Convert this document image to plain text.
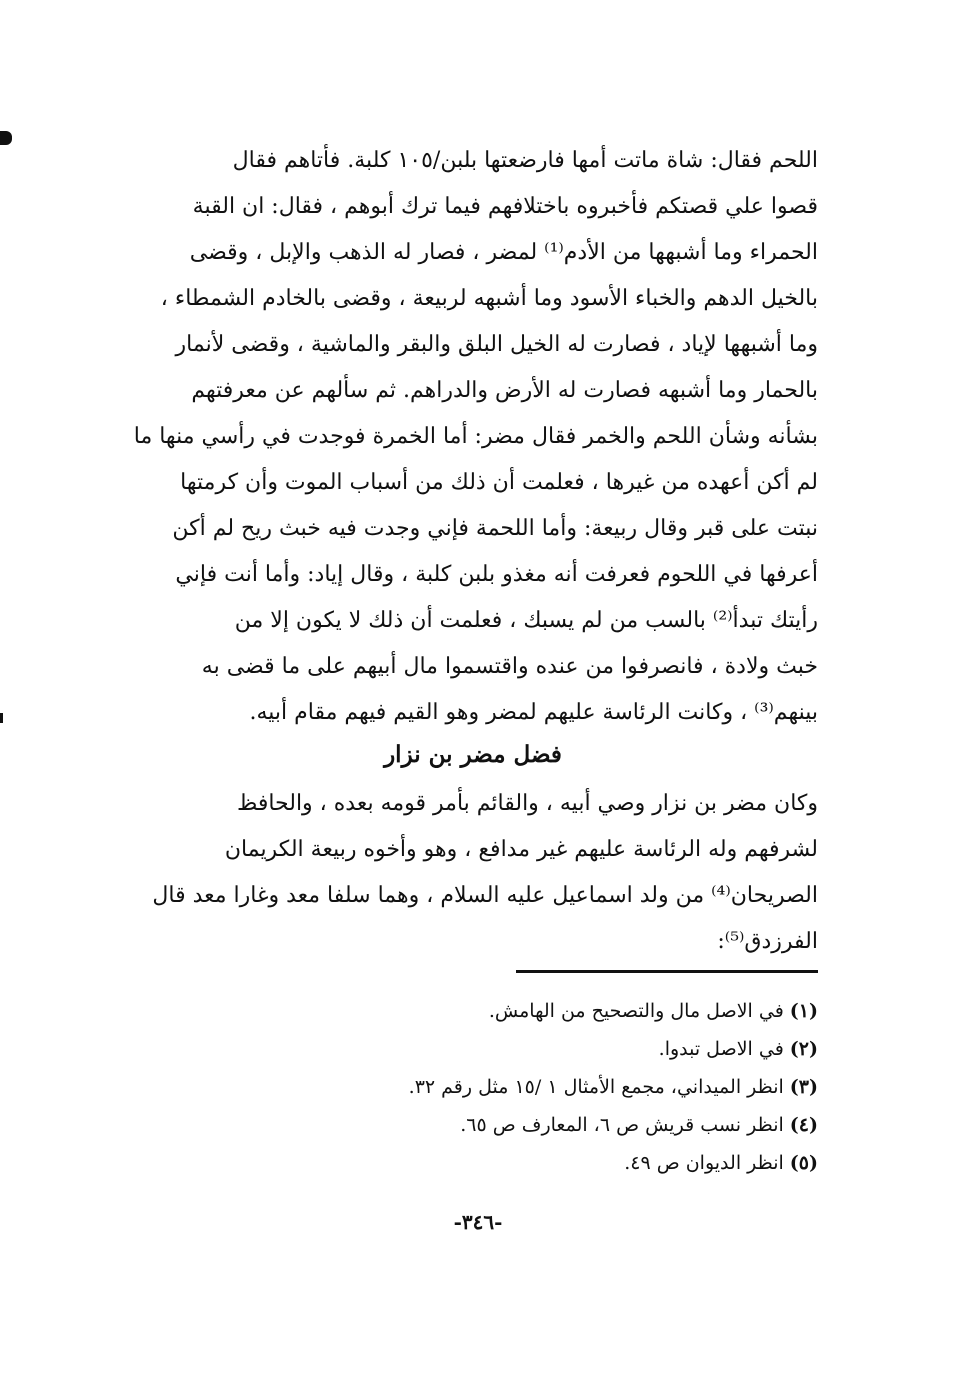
اللحم فقال: شاة ماتت أمها فارضعتها بلبن/١٠٥ كلبة. فأتاهم فقال
قصوا علي قصتكم فأخبروه باختلافهم فيما ترك أبوهم ، فقال: ان القبة
الحمراء وما أشبهها من الأدم⁽¹⁾ لمضر ، فصار له الذهب والإبل ، وقضى
بالخيل الدهم والخباء الأسود وما أشبهه لربيعة ، وقضى بالخادم الشمطاء ،
وما أشبهها لإياد ، فصارت له الخيل البلق والبقر والماشية ، وقضى لأنمار
بالحمار وما أشبهه فصارت له الأرض والدراهم. ثم سألهم عن معرفتهم
بشأنه وشأن اللحم والخمر فقال مضر: أما الخمرة فوجدت في رأسي منها ما
لم أكن أعهده من غيرها ، فعلمت أن ذلك من أسباب الموت وأن كرمتها
نبتت على قبر وقال ربيعة: وأما اللحمة فإني وجدت فيه خبث ريح لم أكن
أعرفها في اللحوم فعرفت أنه مغذو بلبن كلبة ، وقال إياد: وأما أنت فإني
رأيتك تبدأ⁽²⁾ بالسب من لم يسبك ، فعلمت أن ذلك لا يكون إلا من
خبث ولادة ، فانصرفوا من عنده واقتسموا مال أبيهم على ما قضى به
بينهم⁽³⁾ ، وكانت الرئاسة عليهم لمضر وهو القيم فيهم مقام أبيه.
فضل مضر بن نزار
وكان مضر بن نزار وصي أبيه ، والقائم بأمر قومه بعده ، والحافظ
لشرفهم وله الرئاسة عليهم غير مدافع ، وهو وأخوه ربيعة الكريمان
الصريحان⁽⁴⁾ من ولد اسماعيل عليه السلام ، وهما سلفا معد وغارا معد قال
الفرزدق⁽⁵⁾:
(١)في الاصل مال والتصحيح من الهامش.
(٢)في الاصل تبدوا.
(٣)انظر الميداني، مجمع الأمثال ١ /١٥ مثل رقم ٣٢.
(٤)انظر نسب قريش ص ٦، المعارف ص ٦٥.
(٥)انظر الديوان ص ٤٩.
-٣٤٦-
